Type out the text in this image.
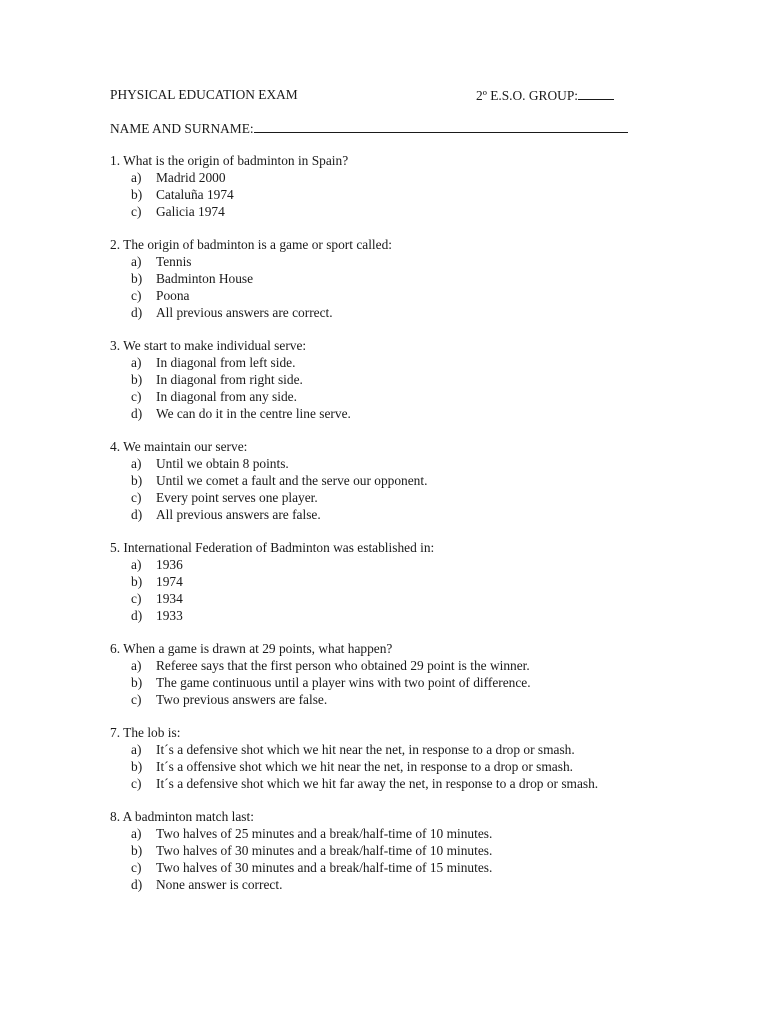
PHYSICAL EDUCATION EXAM	2º E.S.O. GROUP:
NAME AND SURNAME:
1. What is the origin of badminton in Spain?
a) Madrid 2000
b) Cataluña 1974
c) Galicia 1974
2. The origin of badminton is a game or sport called:
a) Tennis
b) Badminton House
c) Poona
d) All previous answers are correct.
3. We start to make individual serve:
a) In diagonal from left side.
b) In diagonal from right side.
c) In diagonal from any side.
d) We can do it in the centre line serve.
4. We maintain our serve:
a) Until we obtain 8 points.
b) Until we comet a fault and the serve our opponent.
c) Every point serves one player.
d) All previous answers are false.
5. International Federation of Badminton was established in:
a) 1936
b) 1974
c) 1934
d) 1933
6. When a game is drawn at 29 points, what happen?
a) Referee says that the first person who obtained 29 point is the winner.
b) The game continuous until a player wins with two point of difference.
c) Two previous answers are false.
7. The lob is:
a) It´s a defensive shot which we hit near the net, in response to a drop or smash.
b) It´s a offensive shot which we hit near the net, in response to a drop or smash.
c) It´s a defensive shot which we hit far away the net, in response to a drop or smash.
8. A badminton match last:
a) Two halves of 25 minutes and a break/half-time of 10 minutes.
b) Two halves of 30 minutes and a break/half-time of 10 minutes.
c) Two halves of 30 minutes and a break/half-time of 15 minutes.
d) None answer is correct.
